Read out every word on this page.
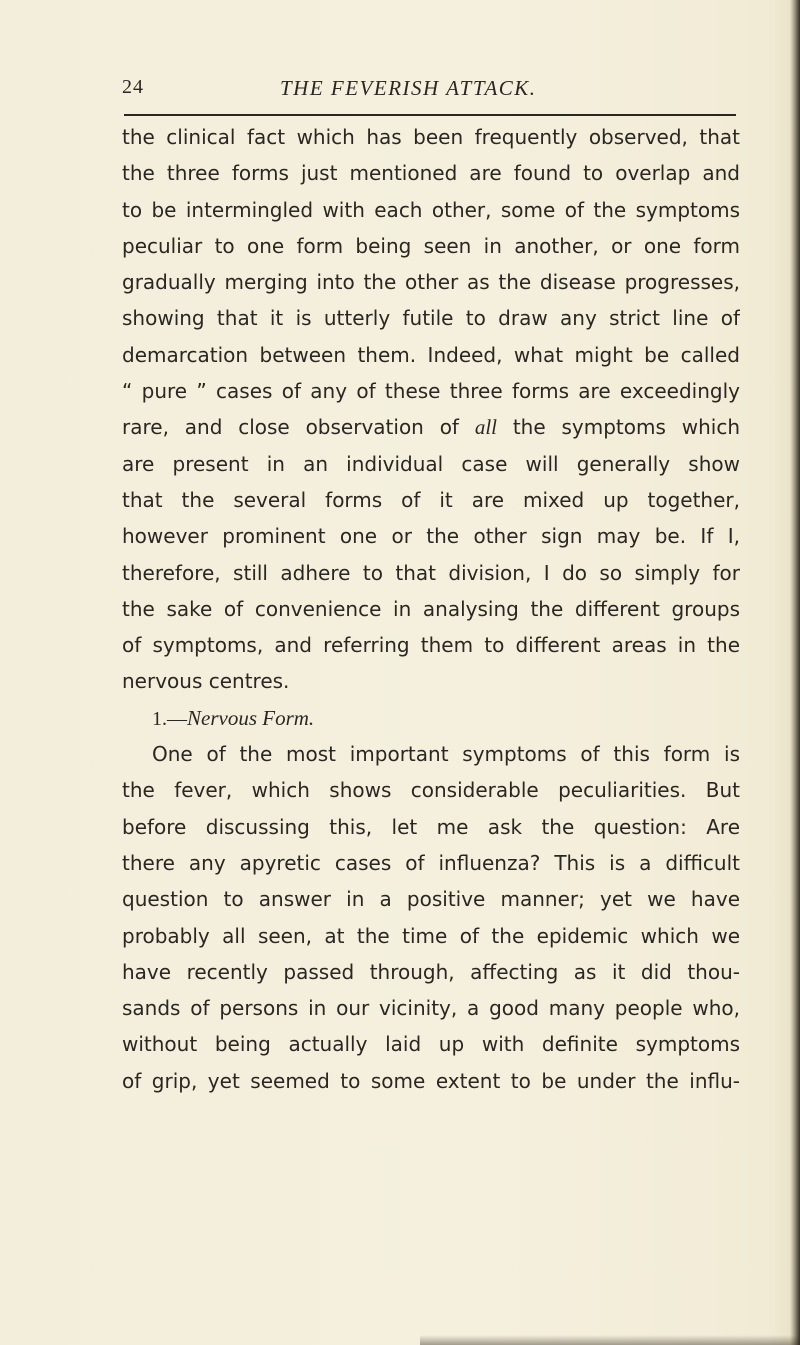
24	THE FEVERISH ATTACK.
the clinical fact which has been frequently observed, that
the three forms just mentioned are found to overlap and
to be intermingled with each other, some of the symptoms
peculiar to one form being seen in another, or one form
gradually merging into the other as the disease progresses,
showing that it is utterly futile to draw any strict line of
demarcation between them. Indeed, what might be called
“ pure ” cases of any of these three forms are exceedingly
rare, and close observation of all the symptoms which
are present in an individual case will generally show
that the several forms of it are mixed up together,
however prominent one or the other sign may be. If I,
therefore, still adhere to that division, I do so simply for
the sake of convenience in analysing the different groups
of symptoms, and referring them to different areas in the
nervous centres.
1.—Nervous Form.
One of the most important symptoms of this form is
the fever, which shows considerable peculiarities. But
before discussing this, let me ask the question: Are
there any apyretic cases of influenza? This is a difficult
question to answer in a positive manner; yet we have
probably all seen, at the time of the epidemic which we
have recently passed through, affecting as it did thou-
sands of persons in our vicinity, a good many people who,
without being actually laid up with definite symptoms
of grip, yet seemed to some extent to be under the influ-
